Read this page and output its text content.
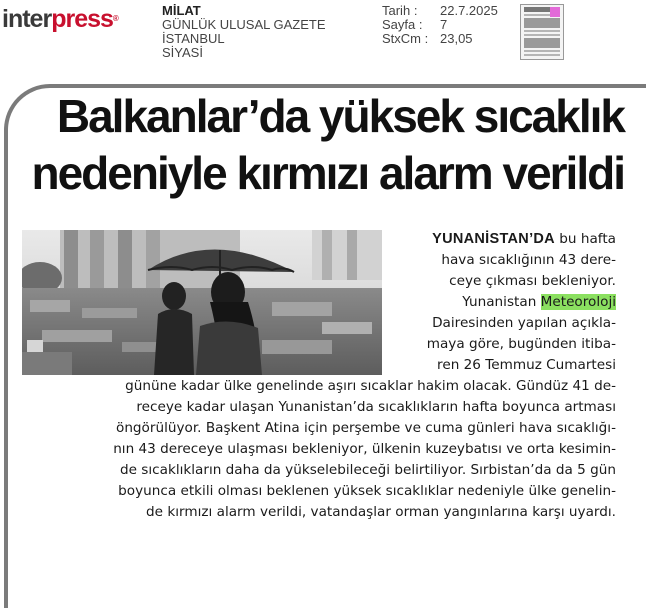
interpress®
MİLAT
GÜNLÜK ULUSAL GAZETE
İSTANBUL
SİYASİ
Tarih :	22.7.2025
Sayfa :	7
StxCm : 23,05
Balkanlar’da yüksek sıcaklık
nedeniyle kırmızı alarm verildi
YUNANİSTAN’DA bu hafta
hava sıcaklığının 43 dere-
ceye çıkması bekleniyor.
Yunanistan Meteoroloji
Dairesinden yapılan açıkla-
maya göre, bugünden itiba-
ren 26 Temmuz Cumartesi
gününe kadar ülke genelinde aşırı sıcaklar hakim olacak. Gündüz 41 de-
receye kadar ulaşan Yunanistan’da sıcaklıkların hafta boyunca artması
öngörülüyor. Başkent Atina için perşembe ve cuma günleri hava sıcaklığı-
nın 43 dereceye ulaşması bekleniyor, ülkenin kuzeybatısı ve orta kesimin-
de sıcaklıkların daha da yükselebileceği belirtiliyor. Sırbistan’da da 5 gün
boyunca etkili olması beklenen yüksek sıcaklıklar nedeniyle ülke genelin-
de kırmızı alarm verildi, vatandaşlar orman yangınlarına karşı uyardı.
